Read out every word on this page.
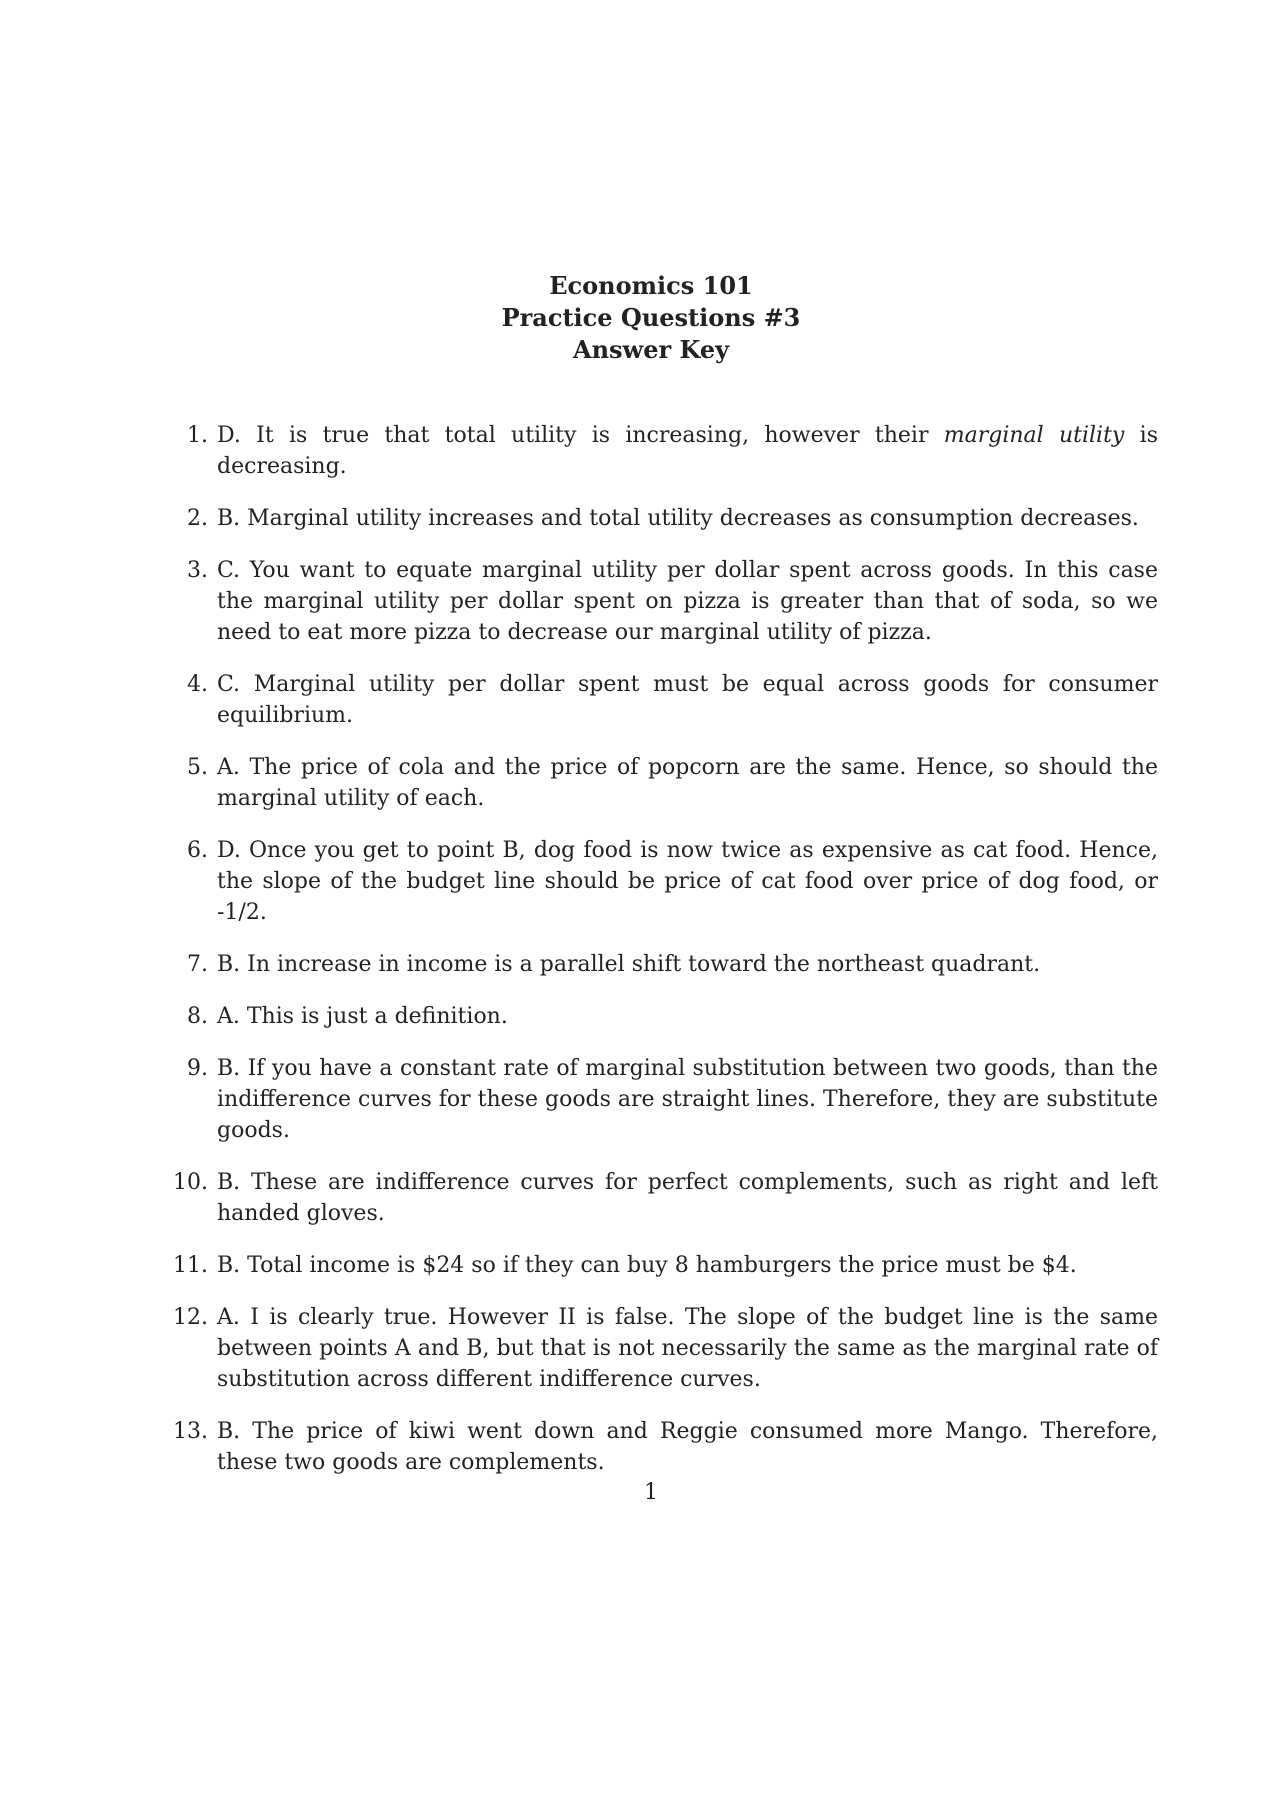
Economics 101
Practice Questions #3
Answer Key
1. D. It is true that total utility is increasing, however their marginal utility is decreasing.
2. B. Marginal utility increases and total utility decreases as consumption decreases.
3. C. You want to equate marginal utility per dollar spent across goods. In this case the marginal utility per dollar spent on pizza is greater than that of soda, so we need to eat more pizza to decrease our marginal utility of pizza.
4. C. Marginal utility per dollar spent must be equal across goods for consumer equilibrium.
5. A. The price of cola and the price of popcorn are the same. Hence, so should the marginal utility of each.
6. D. Once you get to point B, dog food is now twice as expensive as cat food. Hence, the slope of the budget line should be price of cat food over price of dog food, or -1/2.
7. B. In increase in income is a parallel shift toward the northeast quadrant.
8. A. This is just a definition.
9. B. If you have a constant rate of marginal substitution between two goods, than the indifference curves for these goods are straight lines. Therefore, they are substitute goods.
10. B. These are indifference curves for perfect complements, such as right and left handed gloves.
11. B. Total income is $24 so if they can buy 8 hamburgers the price must be $4.
12. A. I is clearly true. However II is false. The slope of the budget line is the same between points A and B, but that is not necessarily the same as the marginal rate of substitution across different indifference curves.
13. B. The price of kiwi went down and Reggie consumed more Mango. Therefore, these two goods are complements.
1
